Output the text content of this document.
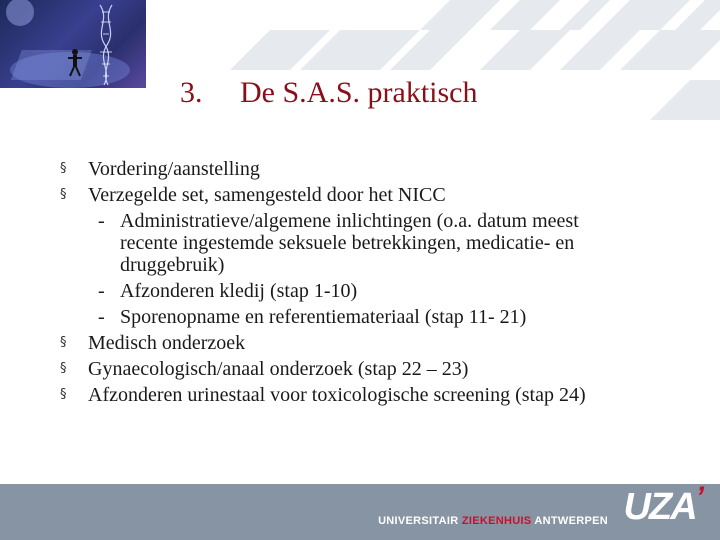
3. De S.A.S. praktisch
§ Vordering/aanstelling
§ Verzegelde set, samengesteld door het NICC
- Administratieve/algemene inlichtingen (o.a. datum meest recente ingestemde seksuele betrekkingen, medicatie- en druggebruik)
- Afzonderen kledij (stap 1-10)
- Sporenopname en referentiemateriaal (stap 11- 21)
§ Medisch onderzoek
§ Gynaecologisch/anaal onderzoek (stap 22 – 23)
§ Afzonderen urinestaal voor toxicologische screening (stap 24)
UNIVERSITAIR ZIEKENHUIS ANTWERPEN UZA’
